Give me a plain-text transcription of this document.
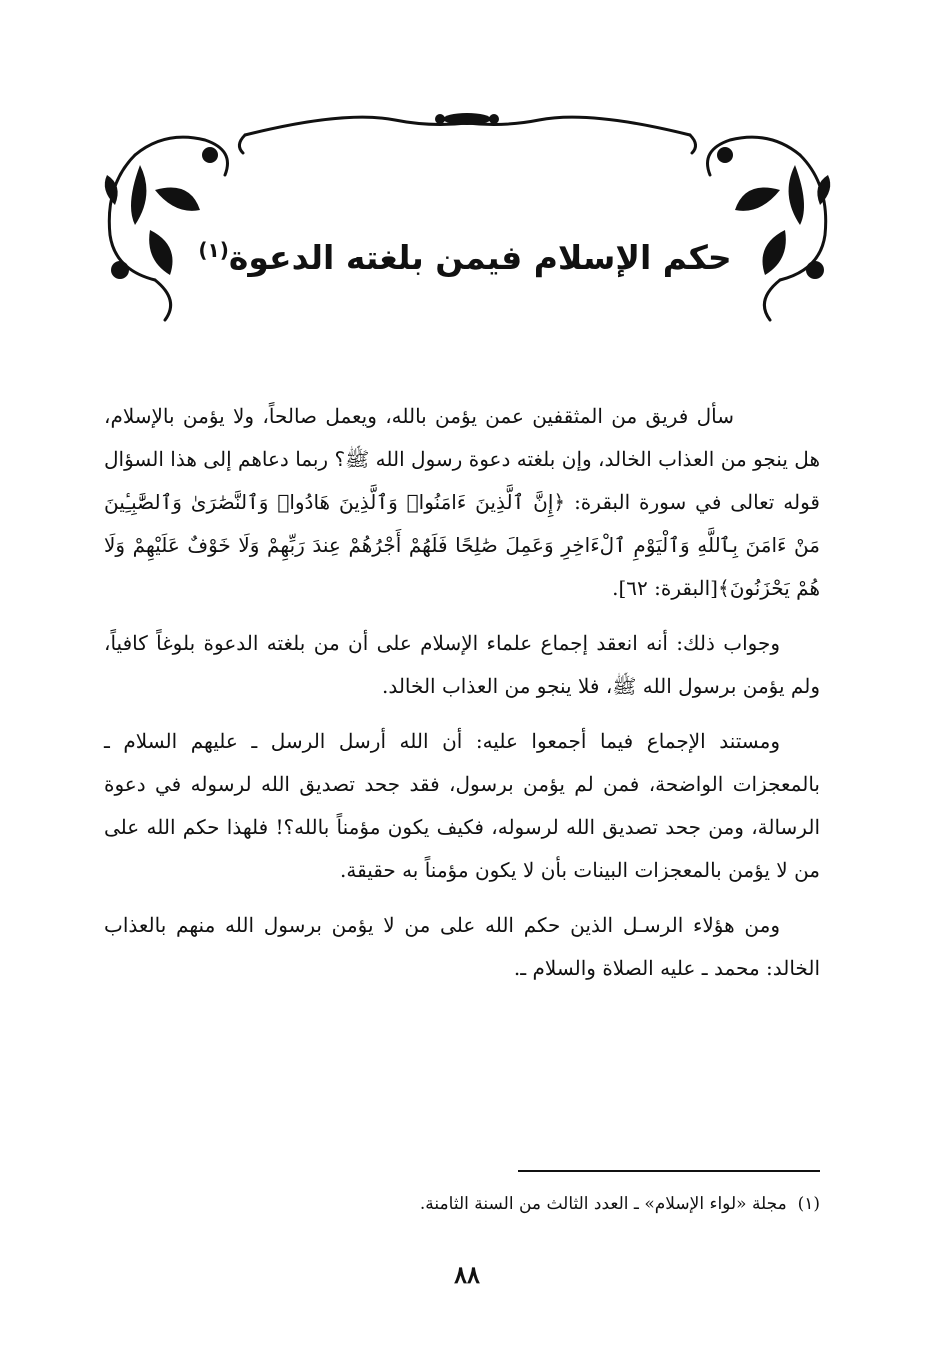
حكم الإسلام فيمن بلغته الدعوة$^{(١)}$

سأل فريق من المثقفين عمن يؤمن بالله، ويعمل صالحاً، ولا يؤمن بالإسلام، هل ينجو من العذاب الخالد، وإن بلغته دعوة رسول الله ﷺ؟ ربما دعاهم إلى هذا السؤال قوله تعالى في سورة البقرة: ﴿إِنَّ ٱلَّذِينَ ءَامَنُوا۟ وَٱلَّذِينَ هَادُوا۟ وَٱلنَّصَٰرَىٰ وَٱلصَّٰبِـِٔينَ مَنْ ءَامَنَ بِٱللَّهِ وَٱلْيَوْمِ ٱلْءَاخِرِ وَعَمِلَ صَٰلِحًا فَلَهُمْ أَجْرُهُمْ عِندَ رَبِّهِمْ وَلَا خَوْفٌ عَلَيْهِمْ وَلَا هُمْ يَحْزَنُونَ﴾[البقرة: ٦٢].

وجواب ذلك: أنه انعقد إجماع علماء الإسلام على أن من بلغته الدعوة بلوغاً كافياً، ولم يؤمن برسول الله ﷺ، فلا ينجو من العذاب الخالد.

ومستند الإجماع فيما أجمعوا عليه: أن الله أرسل الرسل ـ عليهم السلام ـ بالمعجزات الواضحة، فمن لم يؤمن برسول، فقد جحد تصديق الله لرسوله في دعوة الرسالة، ومن جحد تصديق الله لرسوله، فكيف يكون مؤمناً بالله؟! فلهذا حكم الله على من لا يؤمن بالمعجزات البينات بأن لا يكون مؤمناً به حقيقة.

ومن هؤلاء الرسـل الذين حكم الله على من لا يؤمن برسول الله منهم بالعذاب الخالد: محمد ـ عليه الصلاة والسلام ـ.

(١)  مجلة «لواء الإسلام» ـ العدد الثالث من السنة الثامنة.
٨٨
